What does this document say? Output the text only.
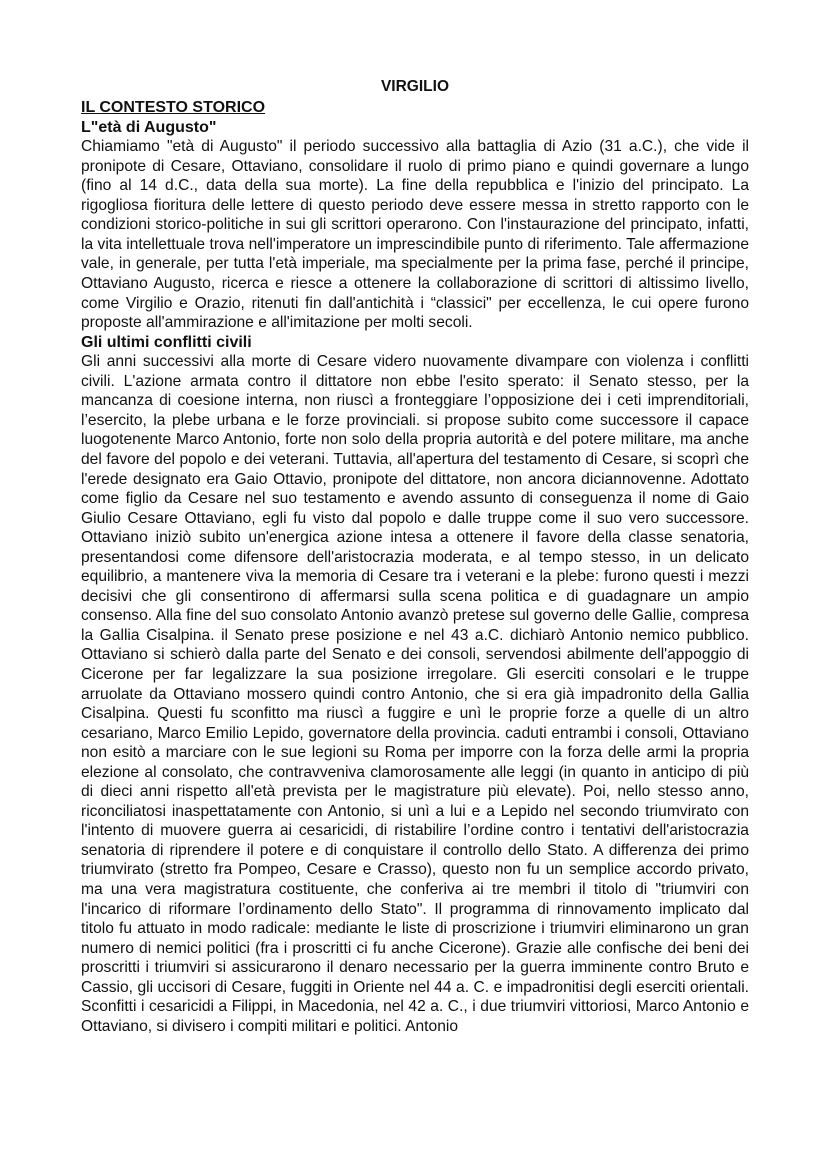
VIRGILIO
IL CONTESTO STORICO
L"età di Augusto"

Chiamiamo "età di Augusto" il periodo successivo alla battaglia di Azio (31 a.C.), che vide il pronipote di Cesare, Ottaviano, consolidare il ruolo di primo piano e quindi governare a lungo (fino al 14 d.C., data della sua morte). La fine della repubblica e l'inizio del principato. La rigogliosa fioritura delle lettere di questo periodo deve essere messa in stretto rapporto con le condizioni storico-politiche in sui gli scrittori operarono. Con l'instaurazione del principato, infatti, la vita intellettuale trova nell'imperatore un imprescindibile punto di riferimento. Tale affermazione vale, in generale, per tutta l'età imperiale, ma specialmente per la prima fase, perché il principe, Ottaviano Augusto, ricerca e riesce a ottenere la collaborazione di scrittori di altissimo livello, come Virgilio e Orazio, ritenuti fin dall'antichità i “classici" per eccellenza, le cui opere furono proposte all'ammirazione e all'imitazione per molti secoli.

Gli ultimi conflitti civili

Gli anni successivi alla morte di Cesare videro nuovamente divampare con violenza i conflitti civili. L'azione armata contro il dittatore non ebbe l'esito sperato: il Senato stesso, per la mancanza di coesione interna, non riuscì a fronteggiare l’opposizione dei i ceti imprenditoriali, l’esercito, la plebe urbana e le forze provinciali. si propose subito come successore il capace luogotenente Marco Antonio, forte non solo della propria autorità e del potere militare, ma anche del favore del popolo e dei veterani. Tuttavia, all'apertura del testamento di Cesare, si scoprì che l'erede designato era Gaio Ottavio, pronipote del dittatore, non ancora diciannovenne. Adottato come figlio da Cesare nel suo testamento e avendo assunto di conseguenza il nome di Gaio Giulio Cesare Ottaviano, egli fu visto dal popolo e dalle truppe come il suo vero successore. Ottaviano iniziò subito un'energica azione intesa a ottenere il favore della classe senatoria, presentandosi come difensore dell'aristocrazia moderata, e al tempo stesso, in un delicato equilibrio, a mantenere viva la memoria di Cesare tra i veterani e la plebe: furono questi i mezzi decisivi che gli consentirono di affermarsi sulla scena politica e di guadagnare un ampio consenso. Alla fine del suo consolato Antonio avanzò pretese sul governo delle Gallie, compresa la Gallia Cisalpina. il Senato prese posizione e nel 43 a.C. dichiarò Antonio nemico pubblico. Ottaviano si schierò dalla parte del Senato e dei consoli, servendosi abilmente dell'appoggio di Cicerone per far legalizzare la sua posizione irregolare. Gli eserciti consolari e le truppe arruolate da Ottaviano mossero quindi contro Antonio, che si era già impadronito della Gallia Cisalpina. Questi fu sconfitto ma riuscì a fuggire e unì le proprie forze a quelle di un altro cesariano, Marco Emilio Lepido, governatore della provincia. caduti entrambi i consoli, Ottaviano non esitò a marciare con le sue legioni su Roma per imporre con la forza delle armi la propria elezione al consolato, che contravveniva clamorosamente alle leggi (in quanto in anticipo di più di dieci anni rispetto all'età prevista per le magistrature più elevate). Poi, nello stesso anno, riconciliatosi inaspettatamente con Antonio, si unì a lui e a Lepido nel secondo triumvirato con l'intento di muovere guerra ai cesaricidi, di ristabilire l’ordine contro i tentativi dell'aristocrazia senatoria di riprendere il potere e di conquistare il controllo dello Stato. A differenza dei primo triumvirato (stretto fra Pompeo, Cesare e Crasso), questo non fu un semplice accordo privato, ma una vera magistratura costituente, che conferiva ai tre membri il titolo di "triumviri con l'incarico di riformare l’ordinamento dello Stato". Il programma di rinnovamento implicato dal titolo fu attuato in modo radicale: mediante le liste di proscrizione i triumviri eliminarono un gran numero di nemici politici (fra i proscritti ci fu anche Cicerone). Grazie alle confische dei beni dei proscritti i triumviri si assicurarono il denaro necessario per la guerra imminente contro Bruto e Cassio, gli uccisori di Cesare, fuggiti in Oriente nel 44 a. C. e impadronitisi degli eserciti orientali. Sconfitti i cesaricidi a Filippi, in Macedonia, nel 42 a. C., i due triumviri vittoriosi, Marco Antonio e Ottaviano, si divisero i compiti militari e politici. Antonio
